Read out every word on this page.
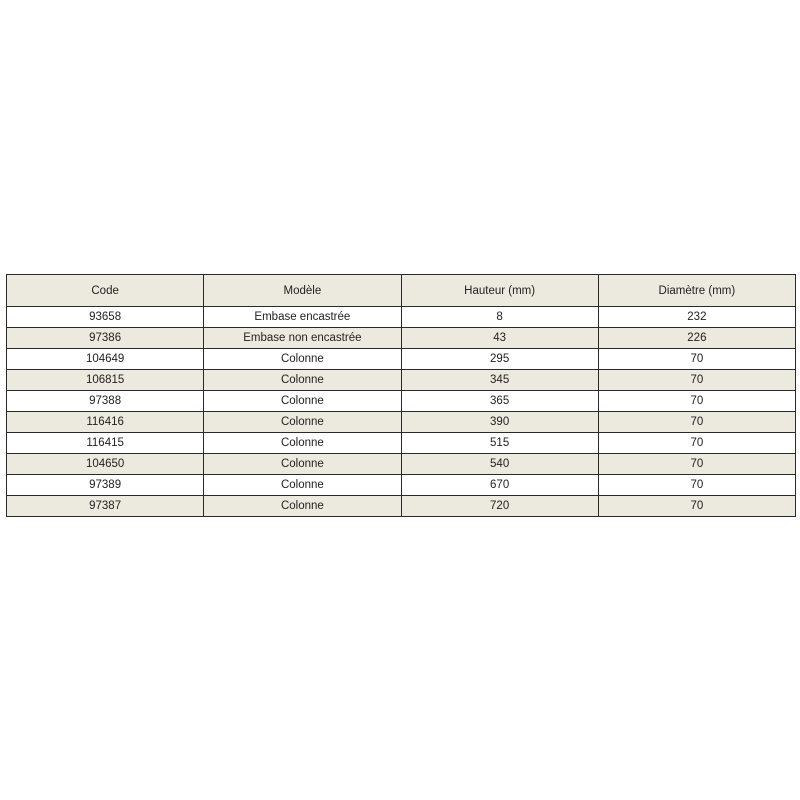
Code	Modèle	Hauteur (mm)	Diamètre (mm)
93658	Embase encastrée	8	232
97386	Embase non encastrée	43	226
104649	Colonne	295	70
106815	Colonne	345	70
97388	Colonne	365	70
116416	Colonne	390	70
116415	Colonne	515	70
104650	Colonne	540	70
97389	Colonne	670	70
97387	Colonne	720	70
